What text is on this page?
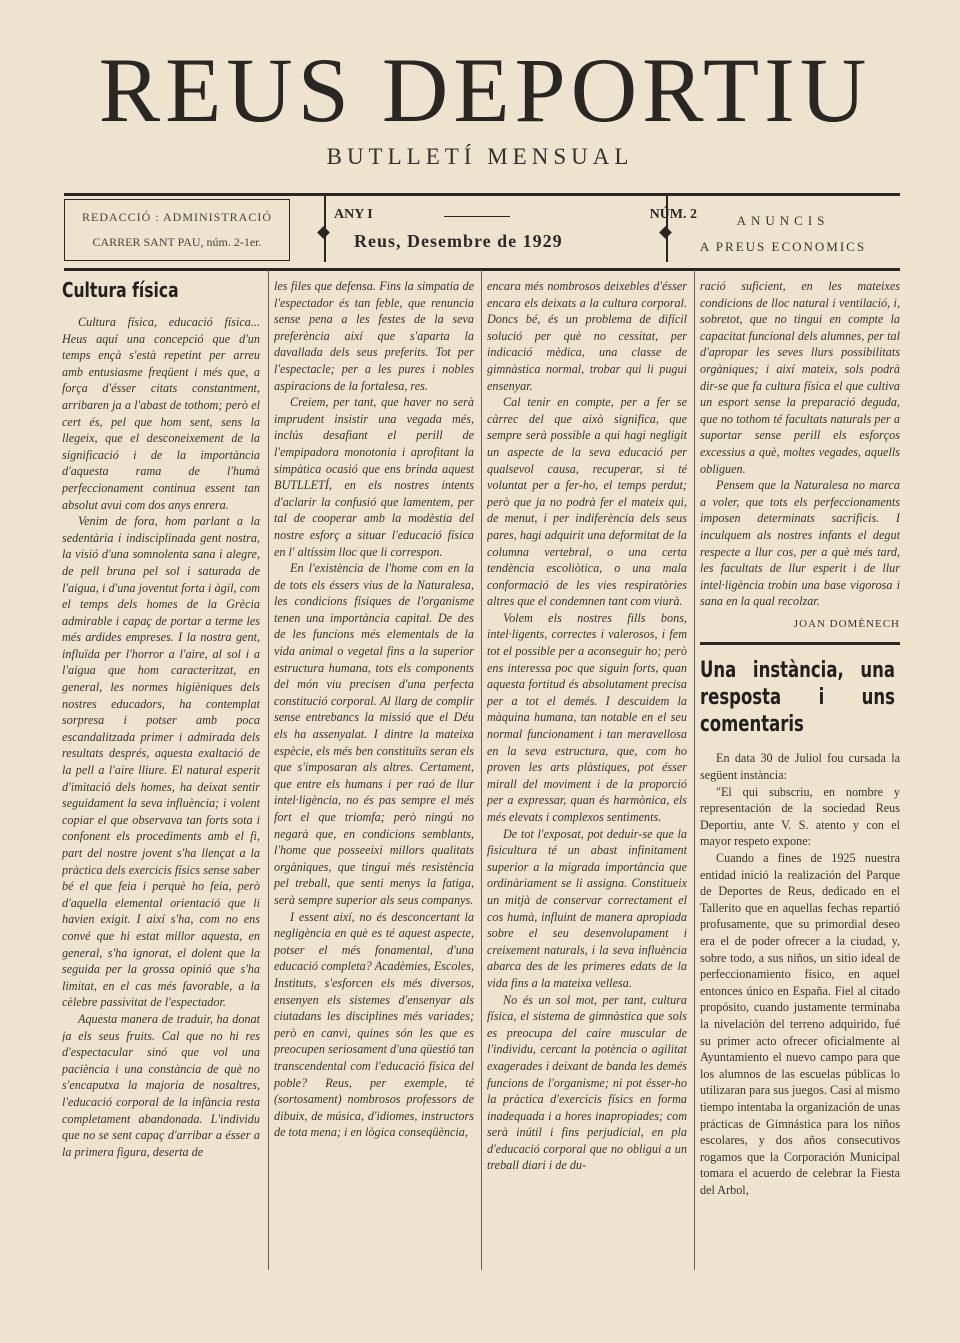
REUS DEPORTIU
BUTLLETÍ MENSUAL
REDACCIÓ : ADMINISTRACIÓ
CARRER SANT PAU, núm. 2-1er.
ANY I	NÚM. 2
Reus, Desembre de 1929
ANUNCIS
A PREUS ECONOMICS
Cultura física

Cultura física, educació física... Heus aquí una concepció que d'un temps ençà s'està repetint per arreu amb entusiasme freqüent i més que, a força d'ésser citats constantment, arribaren ja a l'abast de tothom; però el cert és, pel que hom sent, sens la llegeix, que el desconeixement de la significació i de la importància d'aquesta rama de l'humà perfeccionament continua essent tan absolut avui com dos anys enrera.

Venim de fora, hom parlant a la sedentària i indisciplinada gent nostra, la visió d'una somnolenta sana i alegre, de pell bruna pel sol i saturada de l'aigua, i d'una joventut forta i àgil, com el temps dels homes de la Grècia admirable i capaç de portar a terme les més ardides empreses. I la nostra gent, influïda per l'horror a l'aire, al sol i a l'aigua que hom caracteritzat, en general, les normes higièniques dels nostres educadors, ha contemplat sorpresa i potser amb poca escandalitzada primer i admirada dels resultats després, aquesta exaltació de la pell a l'aire lliure. El natural esperit d'imitació dels homes, ha deixat sentir seguidament la seva influència; i volent copiar el que observava tan forts sota i confonent els procediments amb el fi, part del nostre jovent s'ha llençat a la pràctica dels exercicis físics sense saber bé el que feia i perquè ho feia, però d'aquella elemental orientació que li havien exigit. I així s'ha, com no ens convé que hi estat millor aquesta, en general, s'ha ignorat, el dolent que la seguida per la grossa opinió que s'ha limitat, en el cas més favorable, a la cèlebre passivitat de l'espectador.

Aquesta manera de traduir, ha donat ja els seus fruits. Cal que no hi res d'espectacular sinó que vol una paciència i una constància de què no s'encaputxa la majoria de nosaltres, l'educació corporal de la infància resta completament abandonada. L'individu que no se sent capaç d'arribar a ésser a la primera figura, deserta de

les files que defensa. Fins la simpatia de l'espectador és tan feble, que renuncia sense pena a les festes de la seva preferència així que s'aparta la davallada dels seus preferits. Tot per l'espectacle; per a les pures i nobles aspiracions de la fortalesa, res.

Creiem, per tant, que haver no serà imprudent insistir una vegada més, inclús desafiant el perill de l'empipadora monotonia i aprofitant la simpàtica ocasió que ens brinda aquest BUTLLETÍ, en els nostres intents d'aclarir la confusió que lamentem, per tal de cooperar amb la modèstia del nostre esforç a situar l'educació física en l' altíssim lloc que li correspon.

En l'existència de l'home com en la de tots els éssers vius de la Naturalesa, les condicions físiques de l'organisme tenen una importància capital. De des de les funcions més elementals de la vida animal o vegetal fins a la superior estructura humana, tots els components del món viu precisen d'una perfecta constitució corporal. Al llarg de complir sense entrebancs la missió que el Déu els ha assenyalat. I dintre la mateixa espècie, els més ben constituïts seran els que s'imposaran als altres. Certament, que entre els humans i per raó de llur intel·ligència, no és pas sempre el més fort el que triomfa; però ningú no negarà que, en condicions semblants, l'home que posseeixi millors qualitats orgàniques, que tingui més resistència pel treball, que senti menys la fatiga, serà sempre superior als seus companys.

I essent així, no és desconcertant la negligència en què es té aquest aspecte, potser el més fonamental, d'una educació completa? Acadèmies, Escoles, Instituts, s'esforcen els més diversos, ensenyen els sistemes d'ensenyar als ciutadans les disciplines més variades; però en canvi, quines són les que es preocupen seriosament d'una qüestió tan transcendental com l'educació física del poble? Reus, per exemple, té (sortosament) nombrosos professors de dibuix, de música, d'idiomes, instructors de tota mena; i en lògica conseqüència,

encara més nombrosos deixebles d'ésser encara els deixats a la cultura corporal. Doncs bé, és un problema de difícil solució per què no cessitat, per indicació mèdica, una classe de gimnàstica normal, trobar qui li pugui ensenyar.

Cal tenir en compte, per a fer se càrrec del que això significa, que sempre serà possible a qui hagi negligit un aspecte de la seva educació per qualsevol causa, recuperar, si té voluntat per a fer-ho, el temps perdut; però que ja no podrà fer el mateix qui, de menut, i per indiferència dels seus pares, hagi adquirit una deformitat de la columna vertebral, o una certa tendència escoliòtica, o una mala conformació de les vies respiratòries altres que el condemnen tant com viurà.

Volem els nostres fills bons, intel·ligents, correctes i valerosos, i fem tot el possible per a aconseguir ho; però ens interessa poc que siguin forts, quan aquesta fortitud és absolutament precisa per a tot el demés. I descuidem la màquina humana, tan notable en el seu normal funcionament i tan meravellosa en la seva estructura, que, com ho proven les arts plàstiques, pot ésser mirall del moviment i de la proporció per a expressar, quan és harmònica, els més elevats i complexos sentiments.

De tot l'exposat, pot deduir-se que la fisicultura té un abast infinitament superior a la migrada importància que ordinàriament se li assigna. Constitueix un mitjà de conservar correctament el cos humà, influint de manera apropiada sobre el seu desenvolupament i creixement naturals, i la seva influència abarca des de les primeres edats de la vida fins a la mateixa vellesa.

No és un sol mot, per tant, cultura física, el sistema de gimnàstica que sols es preocupa del caire muscular de l'individu, cercant la potència o agilitat exagerades i deixant de banda les demés funcions de l'organisme; ni pot ésser-ho la pràctica d'exercicis físics en forma inadequada i a hores inapropiades; com serà inútil i fins perjudicial, en pla d'educació corporal que no obligui a un treball diari i de du-

ració suficient, en les mateixes condicions de lloc natural i ventilació, i, sobretot, que no tingui en compte la capacitat funcional dels alumnes, per tal d'apropar les seves llurs possibilitats orgàniques; i així mateix, sols podrà dir-se que fa cultura física el que cultiva un esport sense la preparació deguda, que no tothom té facultats naturals per a suportar sense perill els esforços excessius a què, moltes vegades, aquells obliguen.

Pensem que la Naturalesa no marca a voler, que tots els perfeccionaments imposen determinats sacrificis. I inculquem als nostres infants el degut respecte a llur cos, per a què més tard, les facultats de llur esperit i de llur intel·ligència trobin una base vigorosa i sana en la qual recolzar.

JOAN DOMÈNECH
Una instància, una resposta i uns comentaris

En data 30 de Juliol fou cursada la següent instància:

"El qui subscriu, en nombre y representación de la sociedad Reus Deportiu, ante V. S. atento y con el mayor respeto expone:

Cuando a fines de 1925 nuestra entidad inició la realización del Parque de Deportes de Reus, dedicado en el Tallerito que en aquellas fechas repartió profusamente, que su primordial deseo era el de poder ofrecer a la ciudad, y, sobre todo, a sus niños, un sitio ideal de perfeccionamiento físico, en aquel entonces único en España. Fiel al citado propósito, cuando justamente terminaba la nivelación del terreno adquirido, fué su primer acto ofrecer oficialmente al Ayuntamiento el nuevo campo para que los alumnos de las escuelas públicas lo utilizaran para sus juegos. Casi al mismo tiempo intentaba la organización de unas prácticas de Gimnástica para los niños escolares, y dos años consecutivos rogamos que la Corporación Municipal tomara el acuerdo de celebrar la Fiesta del Arbol,
